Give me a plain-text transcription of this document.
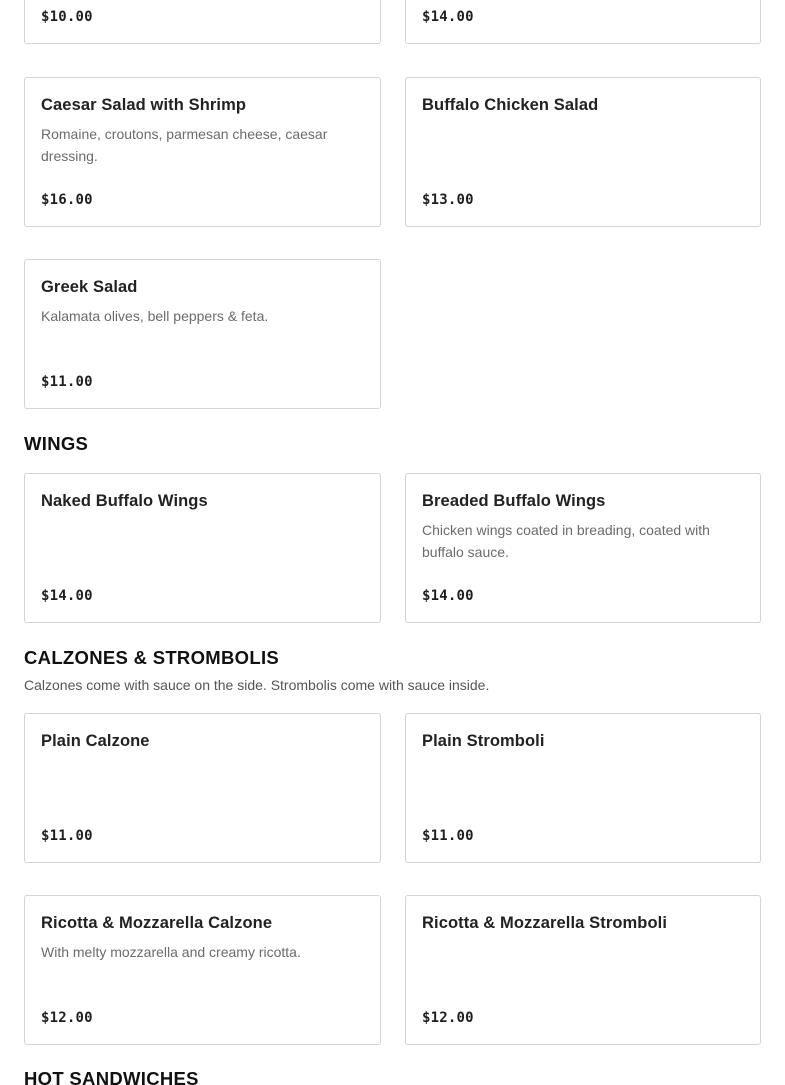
$10.00	$14.00
Caesar Salad with Shrimp
Romaine, croutons, parmesan cheese, caesar dressing.
$16.00
Buffalo Chicken Salad
$13.00
Greek Salad
Kalamata olives, bell peppers & feta.
$11.00
WINGS
Naked Buffalo Wings
$14.00
Breaded Buffalo Wings
Chicken wings coated in breading, coated with buffalo sauce.
$14.00
CALZONES & STROMBOLIS
Calzones come with sauce on the side. Strombolis come with sauce inside.
Plain Calzone
$11.00
Plain Stromboli
$11.00
Ricotta & Mozzarella Calzone
With melty mozzarella and creamy ricotta.
$12.00
Ricotta & Mozzarella Stromboli
$12.00
HOT SANDWICHES
